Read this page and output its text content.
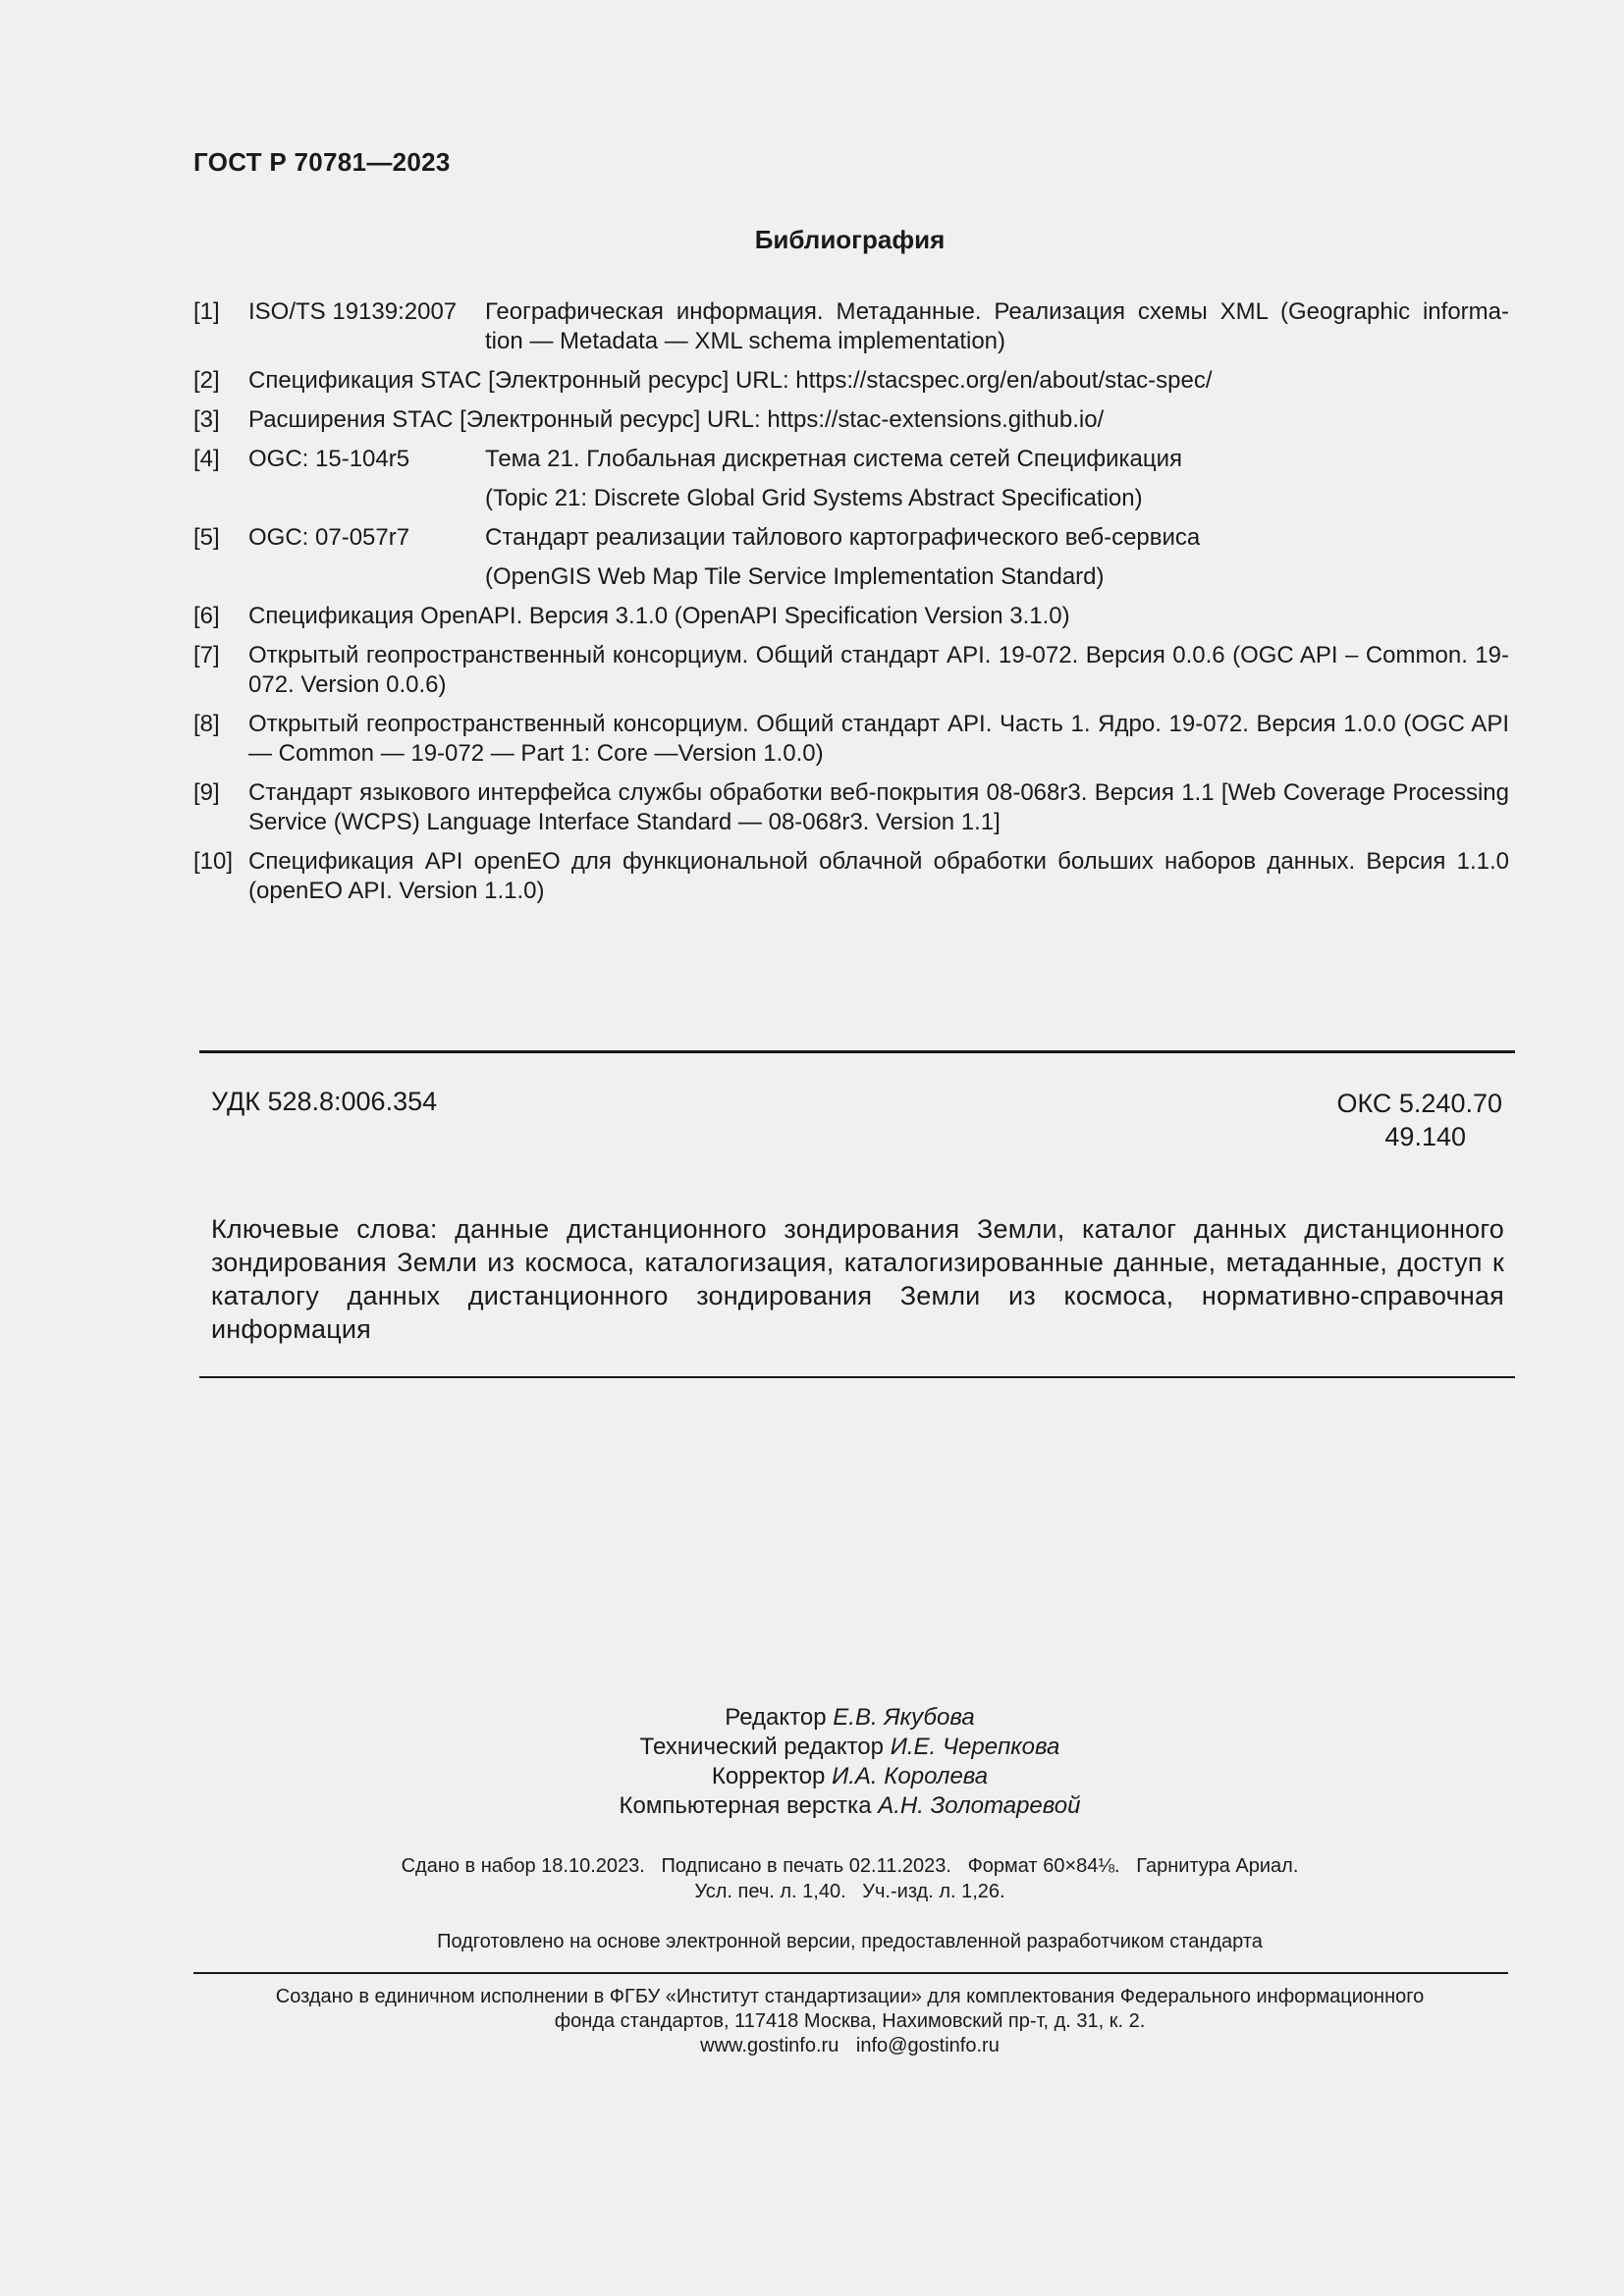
ГОСТ Р 70781—2023
Библиография
[1] ISO/TS 19139:2007 Географическая информация. Метаданные. Реализация схемы XML (Geographic informa-
tion — Metadata — XML schema implementation)
[2] Спецификация STAC [Электронный ресурс] URL: https://stacspec.org/en/about/stac-spec/
[3] Расширения STAC [Электронный ресурс] URL: https://stac-extensions.github.io/
[4] OGC: 15-104r5	Тема 21. Глобальная дискретная система сетей Спецификация
(Topic 21: Discrete Global Grid Systems Abstract Specification)
[5] OGC: 07-057r7	Стандарт реализации тайлового картографического веб-сервиса
(OpenGIS Web Map Tile Service Implementation Standard)
[6] Спецификация OpenAPI. Версия 3.1.0 (OpenAPI Specification Version 3.1.0)
[7] Открытый геопространственный консорциум. Общий стандарт API. 19-072. Версия 0.0.6 (OGC API – Common. 19-072. Version 0.0.6)
[8] Открытый геопространственный консорциум. Общий стандарт API. Часть 1. Ядро. 19-072. Версия 1.0.0 (OGC API — Common — 19-072 — Part 1: Core —Version 1.0.0)
[9] Стандарт языкового интерфейса службы обработки веб-покрытия 08-068r3. Версия 1.1 [Web Coverage Processing Service (WCPS) Language Interface Standard — 08-068r3. Version 1.1]
[10] Спецификация API openEO для функциональной облачной обработки больших наборов данных. Версия 1.1.0 (openEO API. Version 1.1.0)
УДК 528.8:006.354	ОКС 5.240.70
49.140
Ключевые слова: данные дистанционного зондирования Земли, каталог данных дистанционного зондирования Земли из космоса, каталогизация, каталогизированные данные, метаданные, доступ к каталогу данных дистанционного зондирования Земли из космоса, нормативно-справочная информация
Редактор Е.В. Якубова
Технический редактор И.Е. Черепкова
Корректор И.А. Королева
Компьютерная верстка А.Н. Золотаревой
Сдано в набор 18.10.2023.   Подписано в печать 02.11.2023.   Формат 60×84⅛.   Гарнитура Ариал.
Усл. печ. л. 1,40.   Уч.-изд. л. 1,26.
Подготовлено на основе электронной версии, предоставленной разработчиком стандарта
Создано в единичном исполнении в ФГБУ «Институт стандартизации» для комплектования Федерального информационного
фонда стандартов, 117418 Москва, Нахимовский пр-т, д. 31, к. 2.
www.gostinfo.ru info@gostinfo.ru
